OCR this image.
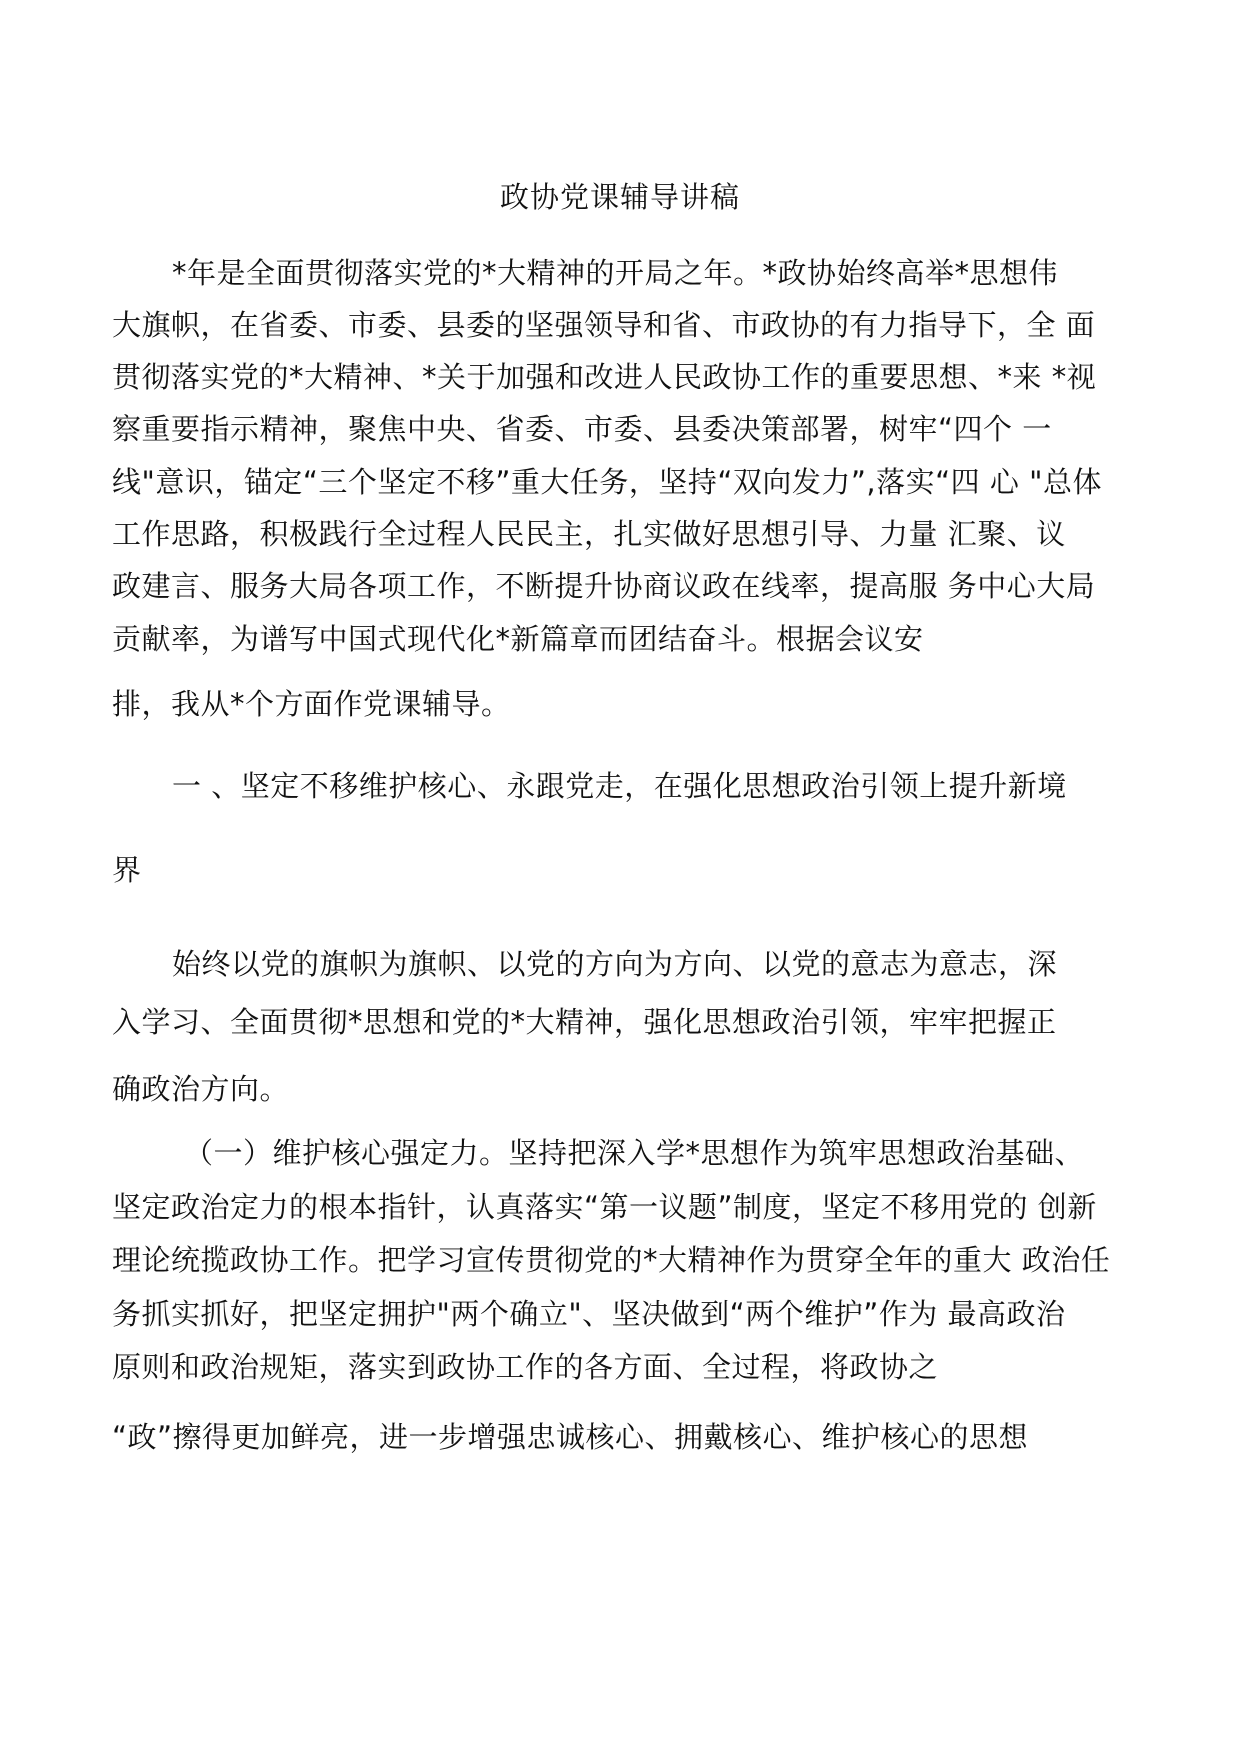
政协党课辅导讲稿
*年是全面贯彻落实党的*大精神的开局之年。*政协始终高举*思想伟
大旗帜，在省委、市委、县委的坚强领导和省、市政协的有力指导下，全 面
贯彻落实党的*大精神、*关于加强和改进人民政协工作的重要思想、*来 *视
察重要指示精神，聚焦中央、省委、市委、县委决策部署，树牢“四个 一
线"意识，锚定“三个坚定不移”重大任务，坚持“双向发力”,落实“四 心 "总体
工作思路，积极践行全过程人民民主，扎实做好思想引导、力量 汇聚、议
政建言、服务大局各项工作，不断提升协商议政在线率，提高服 务中心大局
贡献率，为谱写中国式现代化*新篇章而团结奋斗。根据会议安
排，我从*个方面作党课辅导。
一 、坚定不移维护核心、永跟党走，在强化思想政治引领上提升新境
界
始终以党的旗帜为旗帜、以党的方向为方向、以党的意志为意志，深
入学习、全面贯彻*思想和党的*大精神，强化思想政治引领，牢牢把握正
确政治方向。
（一）维护核心强定力。坚持把深入学*思想作为筑牢思想政治基础、
坚定政治定力的根本指针，认真落实“第一议题”制度，坚定不移用党的 创新
理论统揽政协工作。把学习宣传贯彻党的*大精神作为贯穿全年的重大 政治任
务抓实抓好，把坚定拥护"两个确立"、坚决做到“两个维护”作为 最高政治
原则和政治规矩，落实到政协工作的各方面、全过程，将政协之
“政”擦得更加鲜亮，进一步增强忠诚核心、拥戴核心、维护核心的思想
